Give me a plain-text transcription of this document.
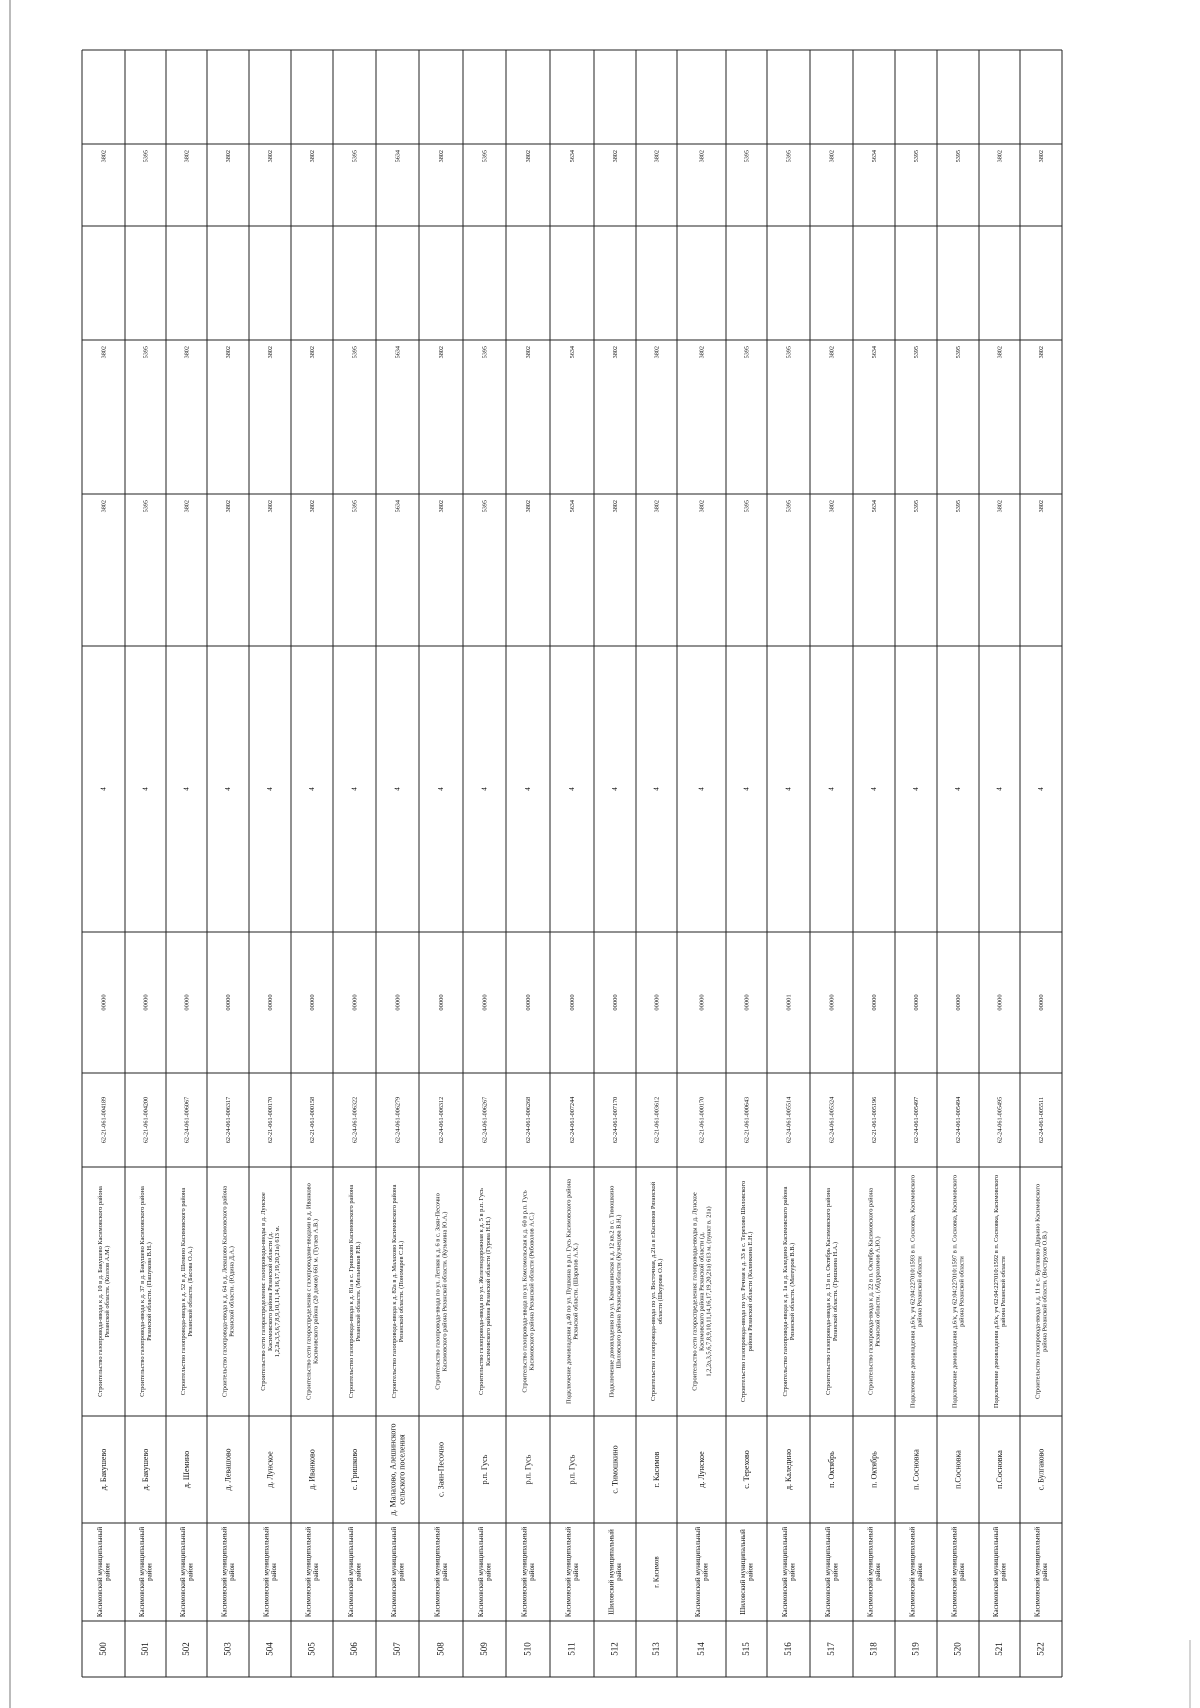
500
Касимовский муниципальныйрайон
д. Бакушево
Строительство газопровода-ввода к д. 10 в д. Бакушево Касимовского районаРязанской области. (Козлов А.М.)
62-21-061-004189
00000
4
3802
3802
3802
501
Касимовский муниципальныйрайон
д. Бакушево
Строительство газопровода-ввода к д. 37 в д. Бакушево Касимовского районаРязанской области. (Пашукова В.Н.)
62-21-061-004200
00000
4
5395
5395
5395
502
Касимовский муниципальныйрайон
д. Шемино
Строительство газопровода-ввода к д. 52 в д. Шемино Касимовского районаРязанской области. (Басова О.А.)
62-24-061-006067
00000
4
3802
3802
3802
503
Касимовский муниципальныйрайон
д. Левашово
Строительство газопровода-ввода к д. 64 в д. Левашово Касимовского районаРязанской области. (Юдина Д.А.)
62-24-061-006317
00000
4
3802
3802
3802
504
Касимовский муниципальныйрайон
д. Лунское
Строительство сети газораспределения: газопроводы-вводы в д. ЛунскоеКасимовского района Рязанской области (д.1,2,2а,3,5,6,7,8,9,10,11,14,16,17,19,20,21а) 613 м.
62-21-061-000170
00000
4
3802
3802
3802
505
Касимовский муниципальныйрайон
д. Иванково
Строительство сети газораспределения с газопроводами-вводами в д. ИванковоКасимовского района (20 домов) 661 м. (Тугаев А.В.)
62-21-061-000158
00000
4
3802
3802
3802
506
Касимовский муниципальныйрайон
с. Гришково
Строительство газопровода-ввода к д. 81а в с. Гришково Касимовского районаРязанской области. (Мельников Р.В.)
62-24-061-006322
00000
4
5395
5395
5395
507
Касимовский муниципальныйрайон
д. Малахово, Алешинскогосельского поселения
Строительство газопровода-ввода к д. 82а в д. Малахово Касимовского районаРязанской области. (Пономарев С.Н.)
62-24-061-006279
00000
4
5634
5634
5634
508
Касимовский муниципальныйрайон
с. Заян-Песочно
Строительство газопровода-ввода по ул. Летняя к д. 6 в с. Заян-ПесочноКасимовского района Рязанской области. (Кузьмина Ю.А.)
62-24-061-006312
00000
4
3802
3802
3802
509
Касимовский муниципальныйрайон
р.п. Гусь
Строительство газопровода-ввода по ул. Железнодорожная к д. 5 в р.п. ГусьКасимовского района Рязанской области (Гурова Н.Н.)
62-24-061-006267
00000
4
5395
5395
5395
510
Касимовский муниципальныйрайон
р.п. Гусь
Строительство газопровода-ввода по ул. Комсомольская к д. 60 в р.п. ГусьКасимовского района Рязанской области (Рябоволов А.С.)
62-24-061-006268
00000
4
3802
3802
3802
511
Касимовский муниципальныйрайон
р.п. Гусь
Подключение домовладения д.40 по ул. Пушкина в р.п. Гусь Касимовского районаРязанской области. (Шарапов А.Х.)
62-24-061-007244
00000
4
5634
5634
5634
512
Шиловский муниципальныйрайон
с. Тимошкино
Подключение домовладения по ул. Камышинская к д. 12 кв.2 в с. ТимошкиноШиловского района Рязанской области (Кузнецова В.Н.)
62-24-061-007170
00000
4
3802
3802
3802
513
г. Касимов
г. Касимов
Строительство газопровода-ввода по ул. Восточная, д.21а в г.Касимов Рязанскойобласти (Шкурова О.В.)
62-21-061-003612
00000
4
3802
3802
3802
514
Касимовский муниципальныйрайон
д. Лунское
Строительство сети газораспределения: газопроводы-вводы в д. ЛунскоеКасимовского района Рязанской области (д.1,2,2а,3,5,6,7,8,9,10,11,14,16,17,19,20,21а) 613 м. (пункт в. 21а)
62-21-061-000170
00000
4
3802
3802
3802
515
Шиловский муниципальныйрайон
с. Терехово
Строительство газопровода-ввода по ул. Речная к д. 33 в с. Терехово Шиловскогорайона Рязанской области (Калинкина Е.Н.)
62-21-061-000643
00000
4
5395
5395
5395
516
Касимовский муниципальныйрайон
д. Каледино
Строительство газопровода-ввода к д. 1а в д. Каледино Касимовского районаРязанской области. (Матеуров В.В.)
62-24-061-005514
00001
4
5395
5395
5395
517
Касимовский муниципальныйрайон
п. Октябрь
Строительство газопровода-ввода к д. 13 в п. Октябрь Касимовского районаРязанской области. (Гришкина Н.А.)
62-24-061-005324
00000
4
3802
3802
3802
518
Касимовский муниципальныйрайон
п. Октябрь
Строительство газопровода-ввода к д. 22 в п. Октябрь Касимовского районаРязанской области. (Абдурахимов А.Ю.)
62-21-061-005196
00000
4
5634
5634
5634
519
Касимовский муниципальныйрайон
п. Сосновка
Подключение домовладения д.6/к, уч 62:04:227010:1593 в п. Сосновка, Касимовскогорайона Рязанской области
62-24-061-005497
00000
4
5395
5395
5395
520
Касимовский муниципальныйрайон
п.Сосновка
Подключение домовладения д.6/к, уч 62:04:227010:1597 в п. Сосновка, Касимовскогорайона Рязанской области
62-24-061-005494
00000
4
5395
5395
5395
521
Касимовский муниципальныйрайон
п.Сосновка
Подключение домовладения д.6/к, уч 62:04:227010:1592 в п. Сосновка, Касимовскогорайона Рязанской области
62-24-061-005495
00000
4
3802
3802
3802
522
Касимовский муниципальныйрайон
с. Булгаково
Строительство газопровода-ввода к д. 11 в с. Булгаково Дарьино Касимовскогорайона Рязанской области. (Вострухов О.В.)
62-24-061-005511
00000
4
3802
3802
3802
